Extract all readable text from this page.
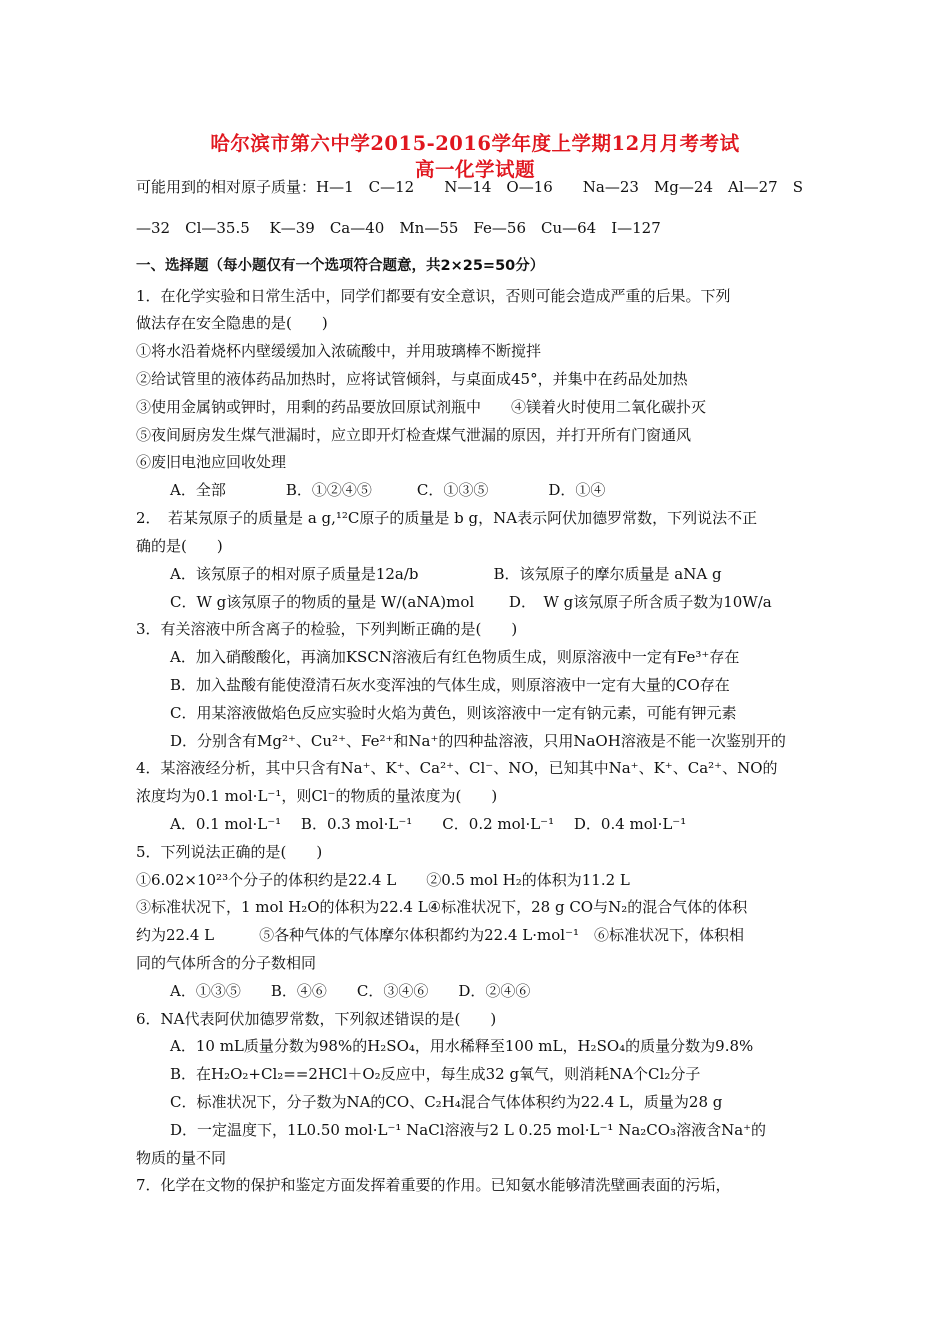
哈尔滨市第六中学2015-2016学年度上学期12月月考考试
高一化学试题
可能用到的相对原子质量：H—1　C—12　　N—14　O—16　　Na—23　Mg—24　Al—27　S
—32　Cl—35.5　 K—39　Ca—40　Mn—55　Fe—56　Cu—64　I—127
一、选择题（每小题仅有一个选项符合题意，共2×25=50分）
1．在化学实验和日常生活中，同学们都要有安全意识，否则可能会造成严重的后果。下列
做法存在安全隐患的是(　　)
①将水沿着烧杯内壁缓缓加入浓硫酸中，并用玻璃棒不断搅拌
②给试管里的液体药品加热时，应将试管倾斜，与桌面成45°，并集中在药品处加热
③使用金属钠或钾时，用剩的药品要放回原试剂瓶中　　④镁着火时使用二氧化碳扑灭
⑤夜间厨房发生煤气泄漏时，应立即开灯检查煤气泄漏的原因，并打开所有门窗通风
⑥废旧电池应回收处理
A．全部　　　　B．①②④⑤　　　C．①③⑤　　　　D．①④
2．　若某氖原子的质量是 a g,¹²C原子的质量是 b g，NA表示阿伏加德罗常数，下列说法不正
确的是(　　)
A．该氖原子的相对原子质量是12a/b　　　　　B．该氖原子的摩尔质量是 aNA g
C．W g该氖原子的物质的量是 W/(aNA)mol　　 D．　W g该氖原子所含质子数为10W/a
3．有关溶液中所含离子的检验，下列判断正确的是(　　)
A．加入硝酸酸化，再滴加KSCN溶液后有红色物质生成，则原溶液中一定有Fe³⁺存在
B．加入盐酸有能使澄清石灰水变浑浊的气体生成，则原溶液中一定有大量的CO存在
C．用某溶液做焰色反应实验时火焰为黄色，则该溶液中一定有钠元素，可能有钾元素
D．分别含有Mg²⁺、Cu²⁺、Fe²⁺和Na⁺的四种盐溶液，只用NaOH溶液是不能一次鉴别开的
4．某溶液经分析，其中只含有Na⁺、K⁺、Ca²⁺、Cl⁻、NO，已知其中Na⁺、K⁺、Ca²⁺、NO的
浓度均为0.1 mol·L⁻¹，则Cl⁻的物质的量浓度为(　　)
A．0.1 mol·L⁻¹　 B．0.3 mol·L⁻¹　　C．0.2 mol·L⁻¹　 D．0.4 mol·L⁻¹
5．下列说法正确的是(　　)
①6.02×10²³个分子的体积约是22.4 L　　②0.5 mol H₂的体积为11.2 L
③标准状况下，1 mol H₂O的体积为22.4 L④标准状况下，28 g CO与N₂的混合气体的体积
约为22.4 L　　　⑤各种气体的气体摩尔体积都约为22.4 L·mol⁻¹　⑥标准状况下，体积相
同的气体所含的分子数相同
A．①③⑤　　B．④⑥　　C．③④⑥　　D．②④⑥
6．NA代表阿伏加德罗常数，下列叙述错误的是(　　)
A．10 mL质量分数为98%的H₂SO₄，用水稀释至100 mL，H₂SO₄的质量分数为9.8%
B．在H₂O₂+Cl₂==2HCl＋O₂反应中，每生成32 g氧气，则消耗NA个Cl₂分子
C．标准状况下，分子数为NA的CO、C₂H₄混合气体体积约为22.4 L，质量为28 g
D．一定温度下，1L0.50 mol·L⁻¹ NaCl溶液与2 L 0.25 mol·L⁻¹ Na₂CO₃溶液含Na⁺的
物质的量不同
7．化学在文物的保护和鉴定方面发挥着重要的作用。已知氨水能够清洗壁画表面的污垢，
